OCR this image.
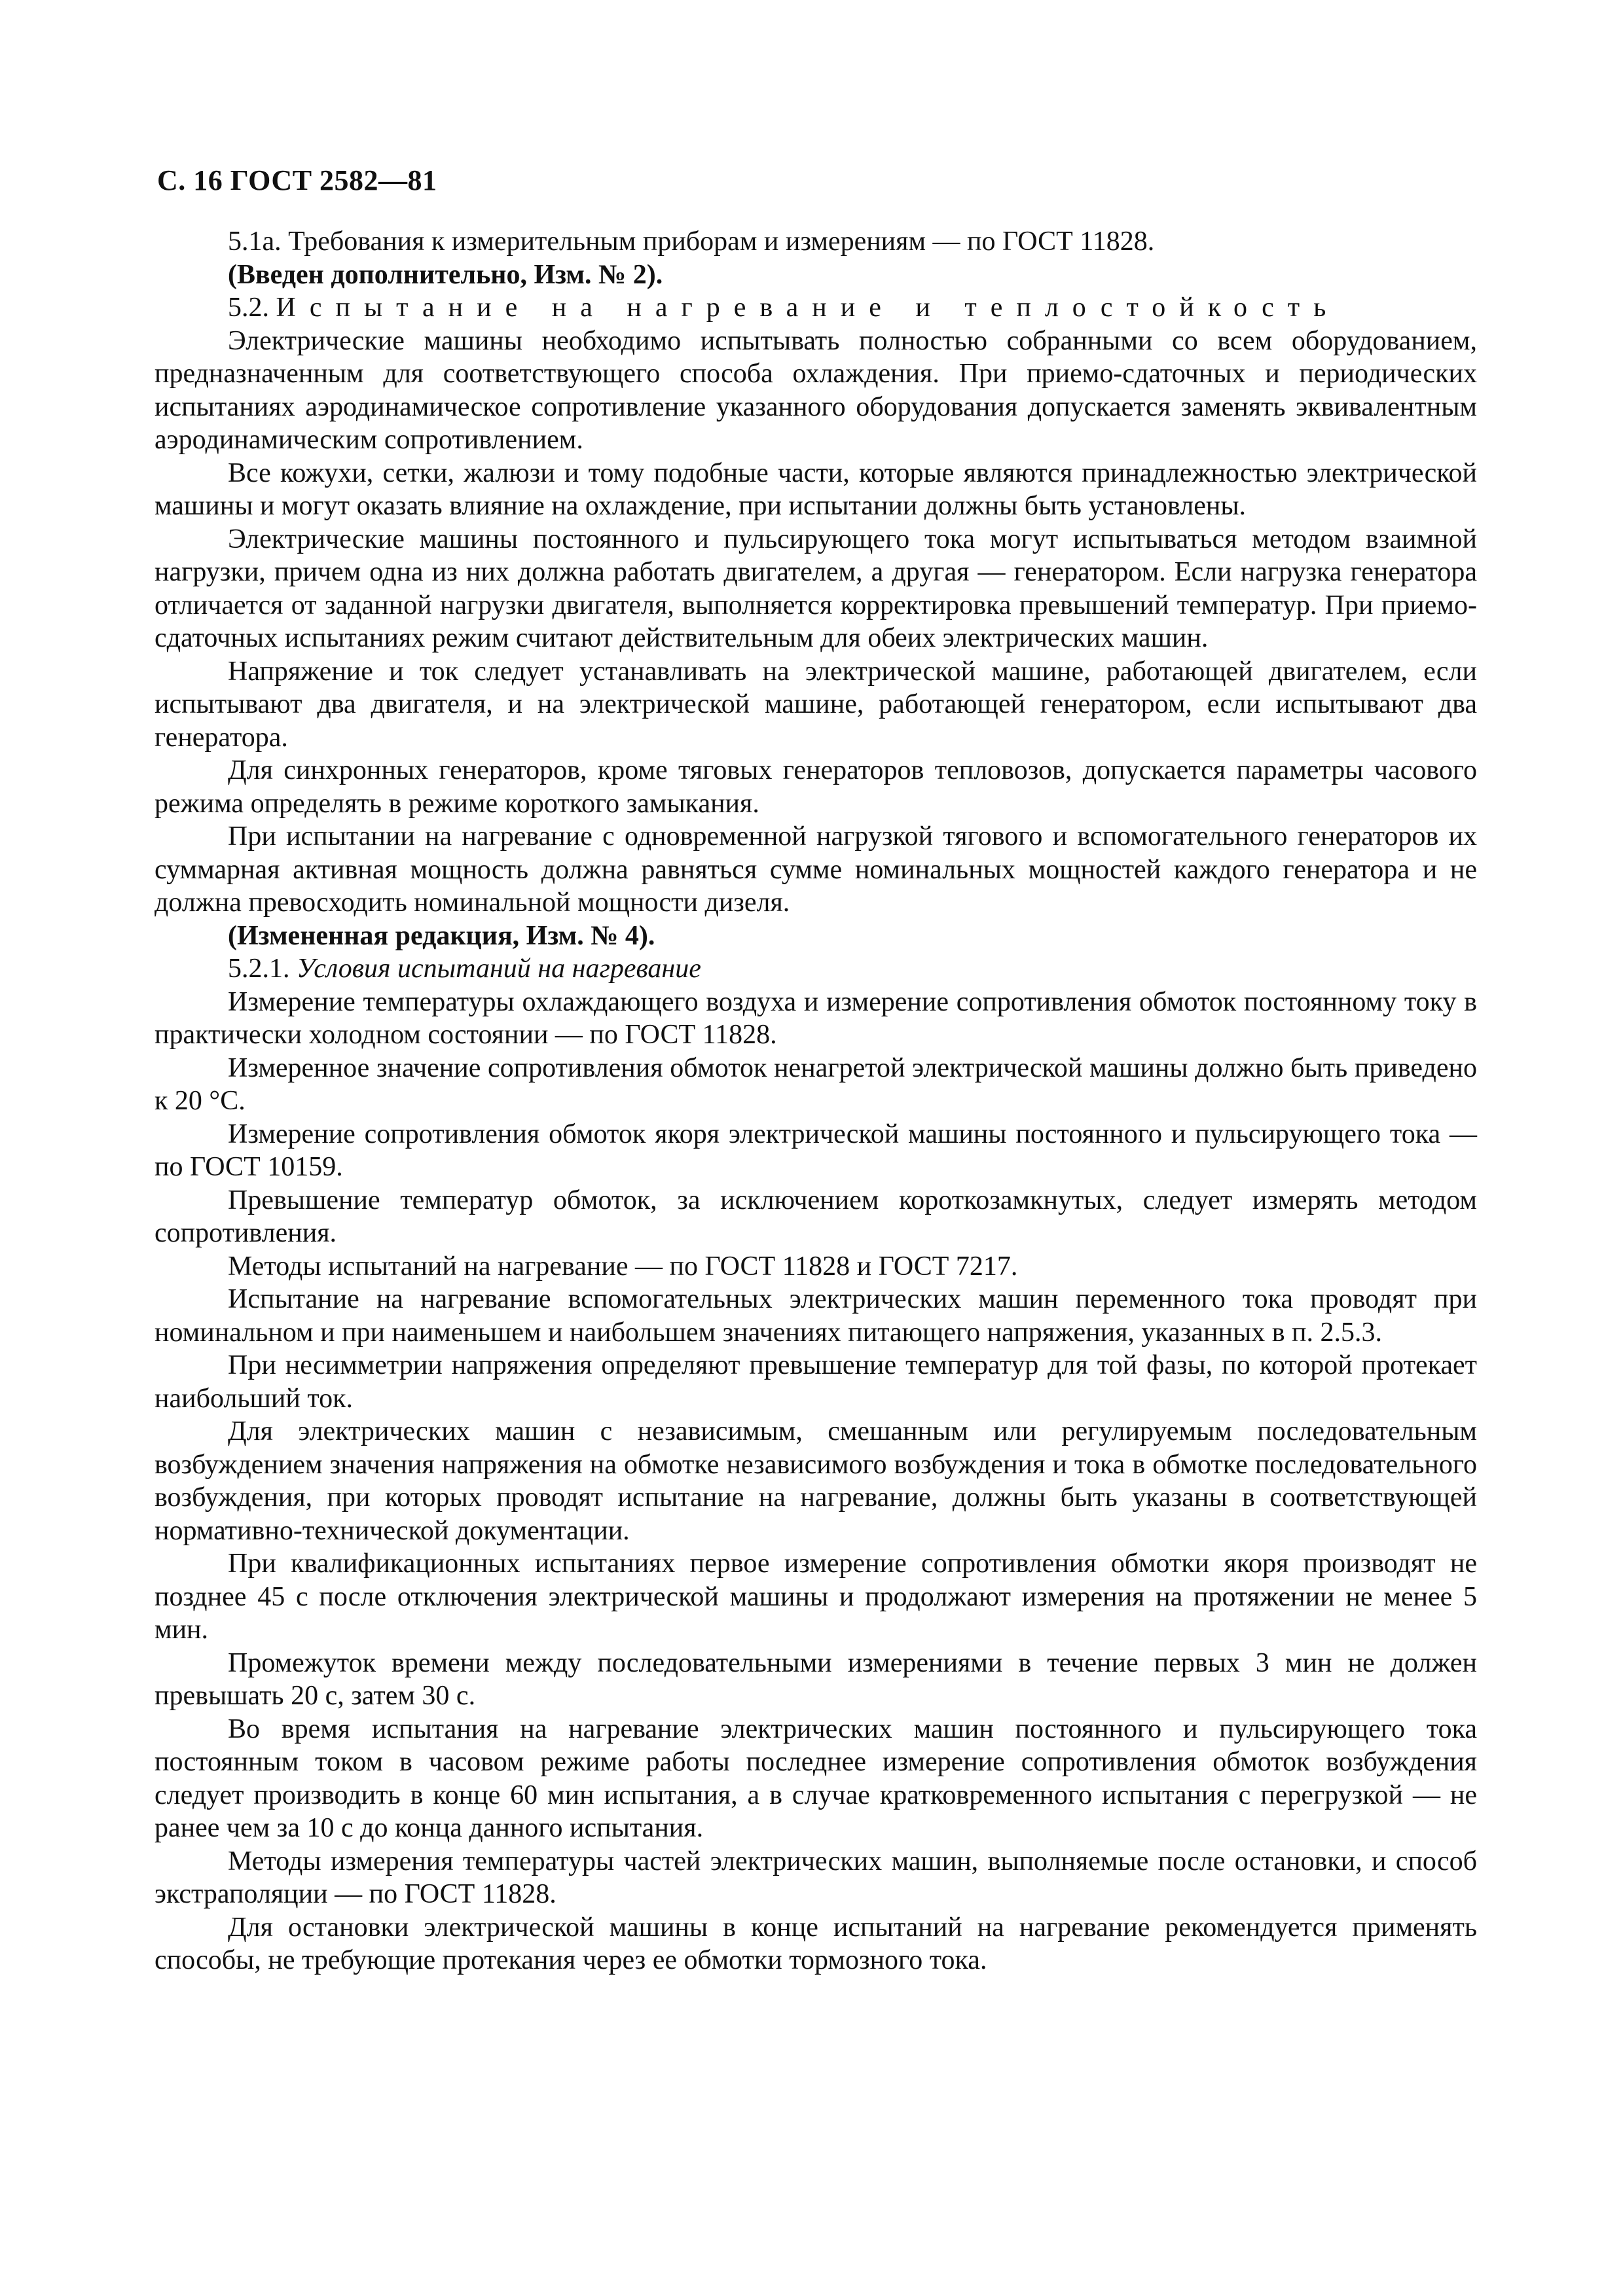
С. 16 ГОСТ 2582—81

5.1а. Требования к измерительным приборам и измерениям — по ГОСТ 11828.

(Введен дополнительно, Изм. № 2).

5.2. Испытание на нагревание и теплостойкость

Электрические машины необходимо испытывать полностью собранными со всем оборудованием, предназначенным для соответствующего способа охлаждения. При приемо-сдаточных и периодических испытаниях аэродинамическое сопротивление указанного оборудования допускается заменять эквивалентным аэродинамическим сопротивлением.

Все кожухи, сетки, жалюзи и тому подобные части, которые являются принадлежностью электрической машины и могут оказать влияние на охлаждение, при испытании должны быть установлены.

Электрические машины постоянного и пульсирующего тока могут испытываться методом взаимной нагрузки, причем одна из них должна работать двигателем, а другая — генератором. Если нагрузка генератора отличается от заданной нагрузки двигателя, выполняется корректировка превышений температур. При приемо-сдаточных испытаниях режим считают действительным для обеих электрических машин.

Напряжение и ток следует устанавливать на электрической машине, работающей двигателем, если испытывают два двигателя, и на электрической машине, работающей генератором, если испытывают два генератора.

Для синхронных генераторов, кроме тяговых генераторов тепловозов, допускается параметры часового режима определять в режиме короткого замыкания.

При испытании на нагревание с одновременной нагрузкой тягового и вспомогательного генераторов их суммарная активная мощность должна равняться сумме номинальных мощностей каждого генератора и не должна превосходить номинальной мощности дизеля.

(Измененная редакция, Изм. № 4).

5.2.1. Условия испытаний на нагревание

Измерение температуры охлаждающего воздуха и измерение сопротивления обмоток постоянному току в практически холодном состоянии — по ГОСТ 11828.

Измеренное значение сопротивления обмоток ненагретой электрической машины должно быть приведено к 20 °С.

Измерение сопротивления обмоток якоря электрической машины постоянного и пульсирующего тока — по ГОСТ 10159.

Превышение температур обмоток, за исключением короткозамкнутых, следует измерять методом сопротивления.

Методы испытаний на нагревание — по ГОСТ 11828 и ГОСТ 7217.

Испытание на нагревание вспомогательных электрических машин переменного тока проводят при номинальном и при наименьшем и наибольшем значениях питающего напряжения, указанных в п. 2.5.3.

При несимметрии напряжения определяют превышение температур для той фазы, по которой протекает наибольший ток.

Для электрических машин с независимым, смешанным или регулируемым последовательным возбуждением значения напряжения на обмотке независимого возбуждения и тока в обмотке последовательного возбуждения, при которых проводят испытание на нагревание, должны быть указаны в соответствующей нормативно-технической документации.

При квалификационных испытаниях первое измерение сопротивления обмотки якоря производят не позднее 45 с после отключения электрической машины и продолжают измерения на протяжении не менее 5 мин.

Промежуток времени между последовательными измерениями в течение первых 3 мин не должен превышать 20 с, затем 30 с.

Во время испытания на нагревание электрических машин постоянного и пульсирующего тока постоянным током в часовом режиме работы последнее измерение сопротивления обмоток возбуждения следует производить в конце 60 мин испытания, а в случае кратковременного испытания с перегрузкой — не ранее чем за 10 с до конца данного испытания.

Методы измерения температуры частей электрических машин, выполняемые после остановки, и способ экстраполяции — по ГОСТ 11828.

Для остановки электрической машины в конце испытаний на нагревание рекомендуется применять способы, не требующие протекания через ее обмотки тормозного тока.
